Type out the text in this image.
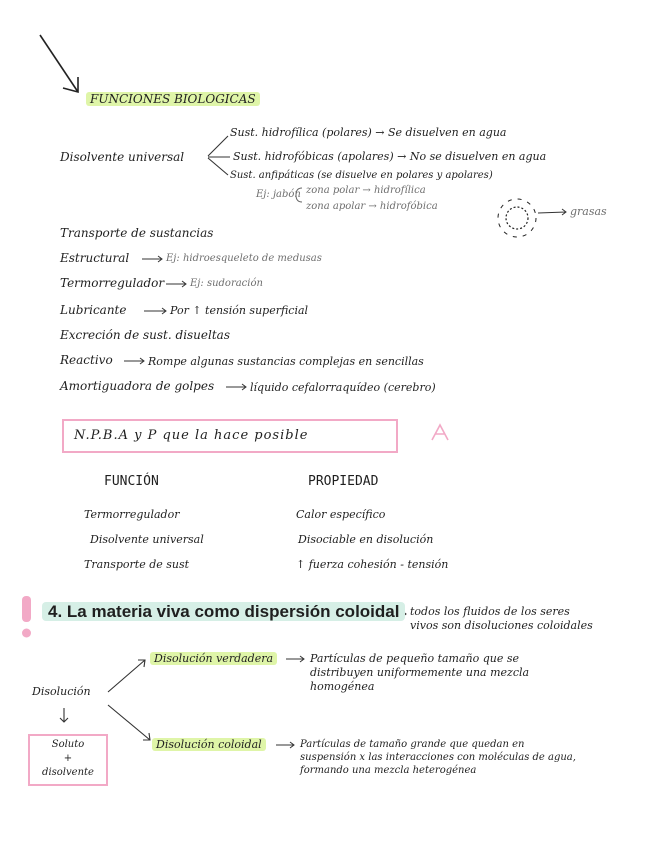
FUNCIONES BIOLOGICAS
Disolvente universal
Sust. hidrofílica (polares) → Se disuelven en agua
Sust. hidrofóbicas (apolares) → No se disuelven en agua
Sust. anfipáticas (se disuelve en polares y apolares)
Ej: jabón zona polar → hidrofílica
zona apolar → hidrofóbica	grasas
Transporte de sustancias
Estructural	Ej: hidroesqueleto de medusas
Termorregulador	Ej: sudoración
Lubricante	Por ↑ tensión superficial
Excreción de sust. disueltas
Reactivo	Rompe algunas sustancias complejas en sencillas
Amortiguadora de golpes	líquido cefalorraquídeo (cerebro)
N.P.B.A y P que la hace posible
FUNCIÓN	PROPIEDAD
Termorregulador	Calor específico
Disolvente universal	Disociable en disolución
Transporte de sust	↑ fuerza cohesión - tensión
4. La materia viva como dispersión coloidal todos los fluidos de los seres
vivos son disoluciones coloidales
Disolución
Soluto
+
disolvente
Disolución verdadera	Partículas de pequeño tamaño que se
distribuyen uniformemente una mezcla
homogénea
Disolución coloidal	Partículas de tamaño grande que quedan en
suspensión x las interacciones con moléculas de agua,
formando una mezcla heterogénea
